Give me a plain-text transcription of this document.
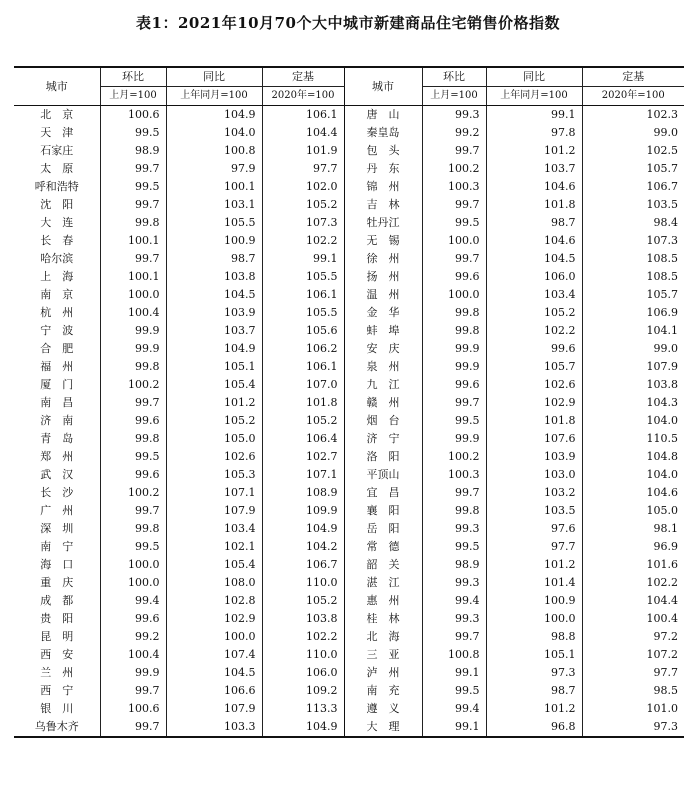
表1：2021年10月70个大中城市新建商品住宅销售价格指数
城市	环比	同比	定基	城市	环比	同比	定基
	上月=100	上年同月=100	2020年=100		上月=100	上年同月=100	2020年=100
北 京	100.6	104.9	106.1	唐 山	99.3	99.1	102.3
天 津	99.5	104.0	104.4	秦皇岛	99.2	97.8	99.0
石家庄	98.9	100.8	101.9	包 头	99.7	101.2	102.5
太 原	99.7	97.9	97.7	丹 东	100.2	103.7	105.7
呼和浩特	99.5	100.1	102.0	锦 州	100.3	104.6	106.7
沈 阳	99.7	103.1	105.2	吉 林	99.7	101.8	103.5
大 连	99.8	105.5	107.3	牡丹江	99.5	98.7	98.4
长 春	100.1	100.9	102.2	无 锡	100.0	104.6	107.3
哈尔滨	99.7	98.7	99.1	徐 州	99.7	104.5	108.5
上 海	100.1	103.8	105.5	扬 州	99.6	106.0	108.5
南 京	100.0	104.5	106.1	温 州	100.0	103.4	105.7
杭 州	100.4	103.9	105.5	金 华	99.8	105.2	106.9
宁 波	99.9	103.7	105.6	蚌 埠	99.8	102.2	104.1
合 肥	99.9	104.9	106.2	安 庆	99.9	99.6	99.0
福 州	99.8	105.1	106.1	泉 州	99.9	105.7	107.9
厦 门	100.2	105.4	107.0	九 江	99.6	102.6	103.8
南 昌	99.7	101.2	101.8	赣 州	99.7	102.9	104.3
济 南	99.6	105.2	105.2	烟 台	99.5	101.8	104.0
青 岛	99.8	105.0	106.4	济 宁	99.9	107.6	110.5
郑 州	99.5	102.6	102.7	洛 阳	100.2	103.9	104.8
武 汉	99.6	105.3	107.1	平顶山	100.3	103.0	104.0
长 沙	100.2	107.1	108.9	宜 昌	99.7	103.2	104.6
广 州	99.7	107.9	109.9	襄 阳	99.8	103.5	105.0
深 圳	99.8	103.4	104.9	岳 阳	99.3	97.6	98.1
南 宁	99.5	102.1	104.2	常 德	99.5	97.7	96.9
海 口	100.0	105.4	106.7	韶 关	98.9	101.2	101.6
重 庆	100.0	108.0	110.0	湛 江	99.3	101.4	102.2
成 都	99.4	102.8	105.2	惠 州	99.4	100.9	104.4
贵 阳	99.6	102.9	103.8	桂 林	99.3	100.0	100.4
昆 明	99.2	100.0	102.2	北 海	99.7	98.8	97.2
西 安	100.4	107.4	110.0	三 亚	100.8	105.1	107.2
兰 州	99.9	104.5	106.0	泸 州	99.1	97.3	97.7
西 宁	99.7	106.6	109.2	南 充	99.5	98.7	98.5
银 川	100.6	107.9	113.3	遵 义	99.4	101.2	101.0
乌鲁木齐	99.7	103.3	104.9	大 理	99.1	96.8	97.3
